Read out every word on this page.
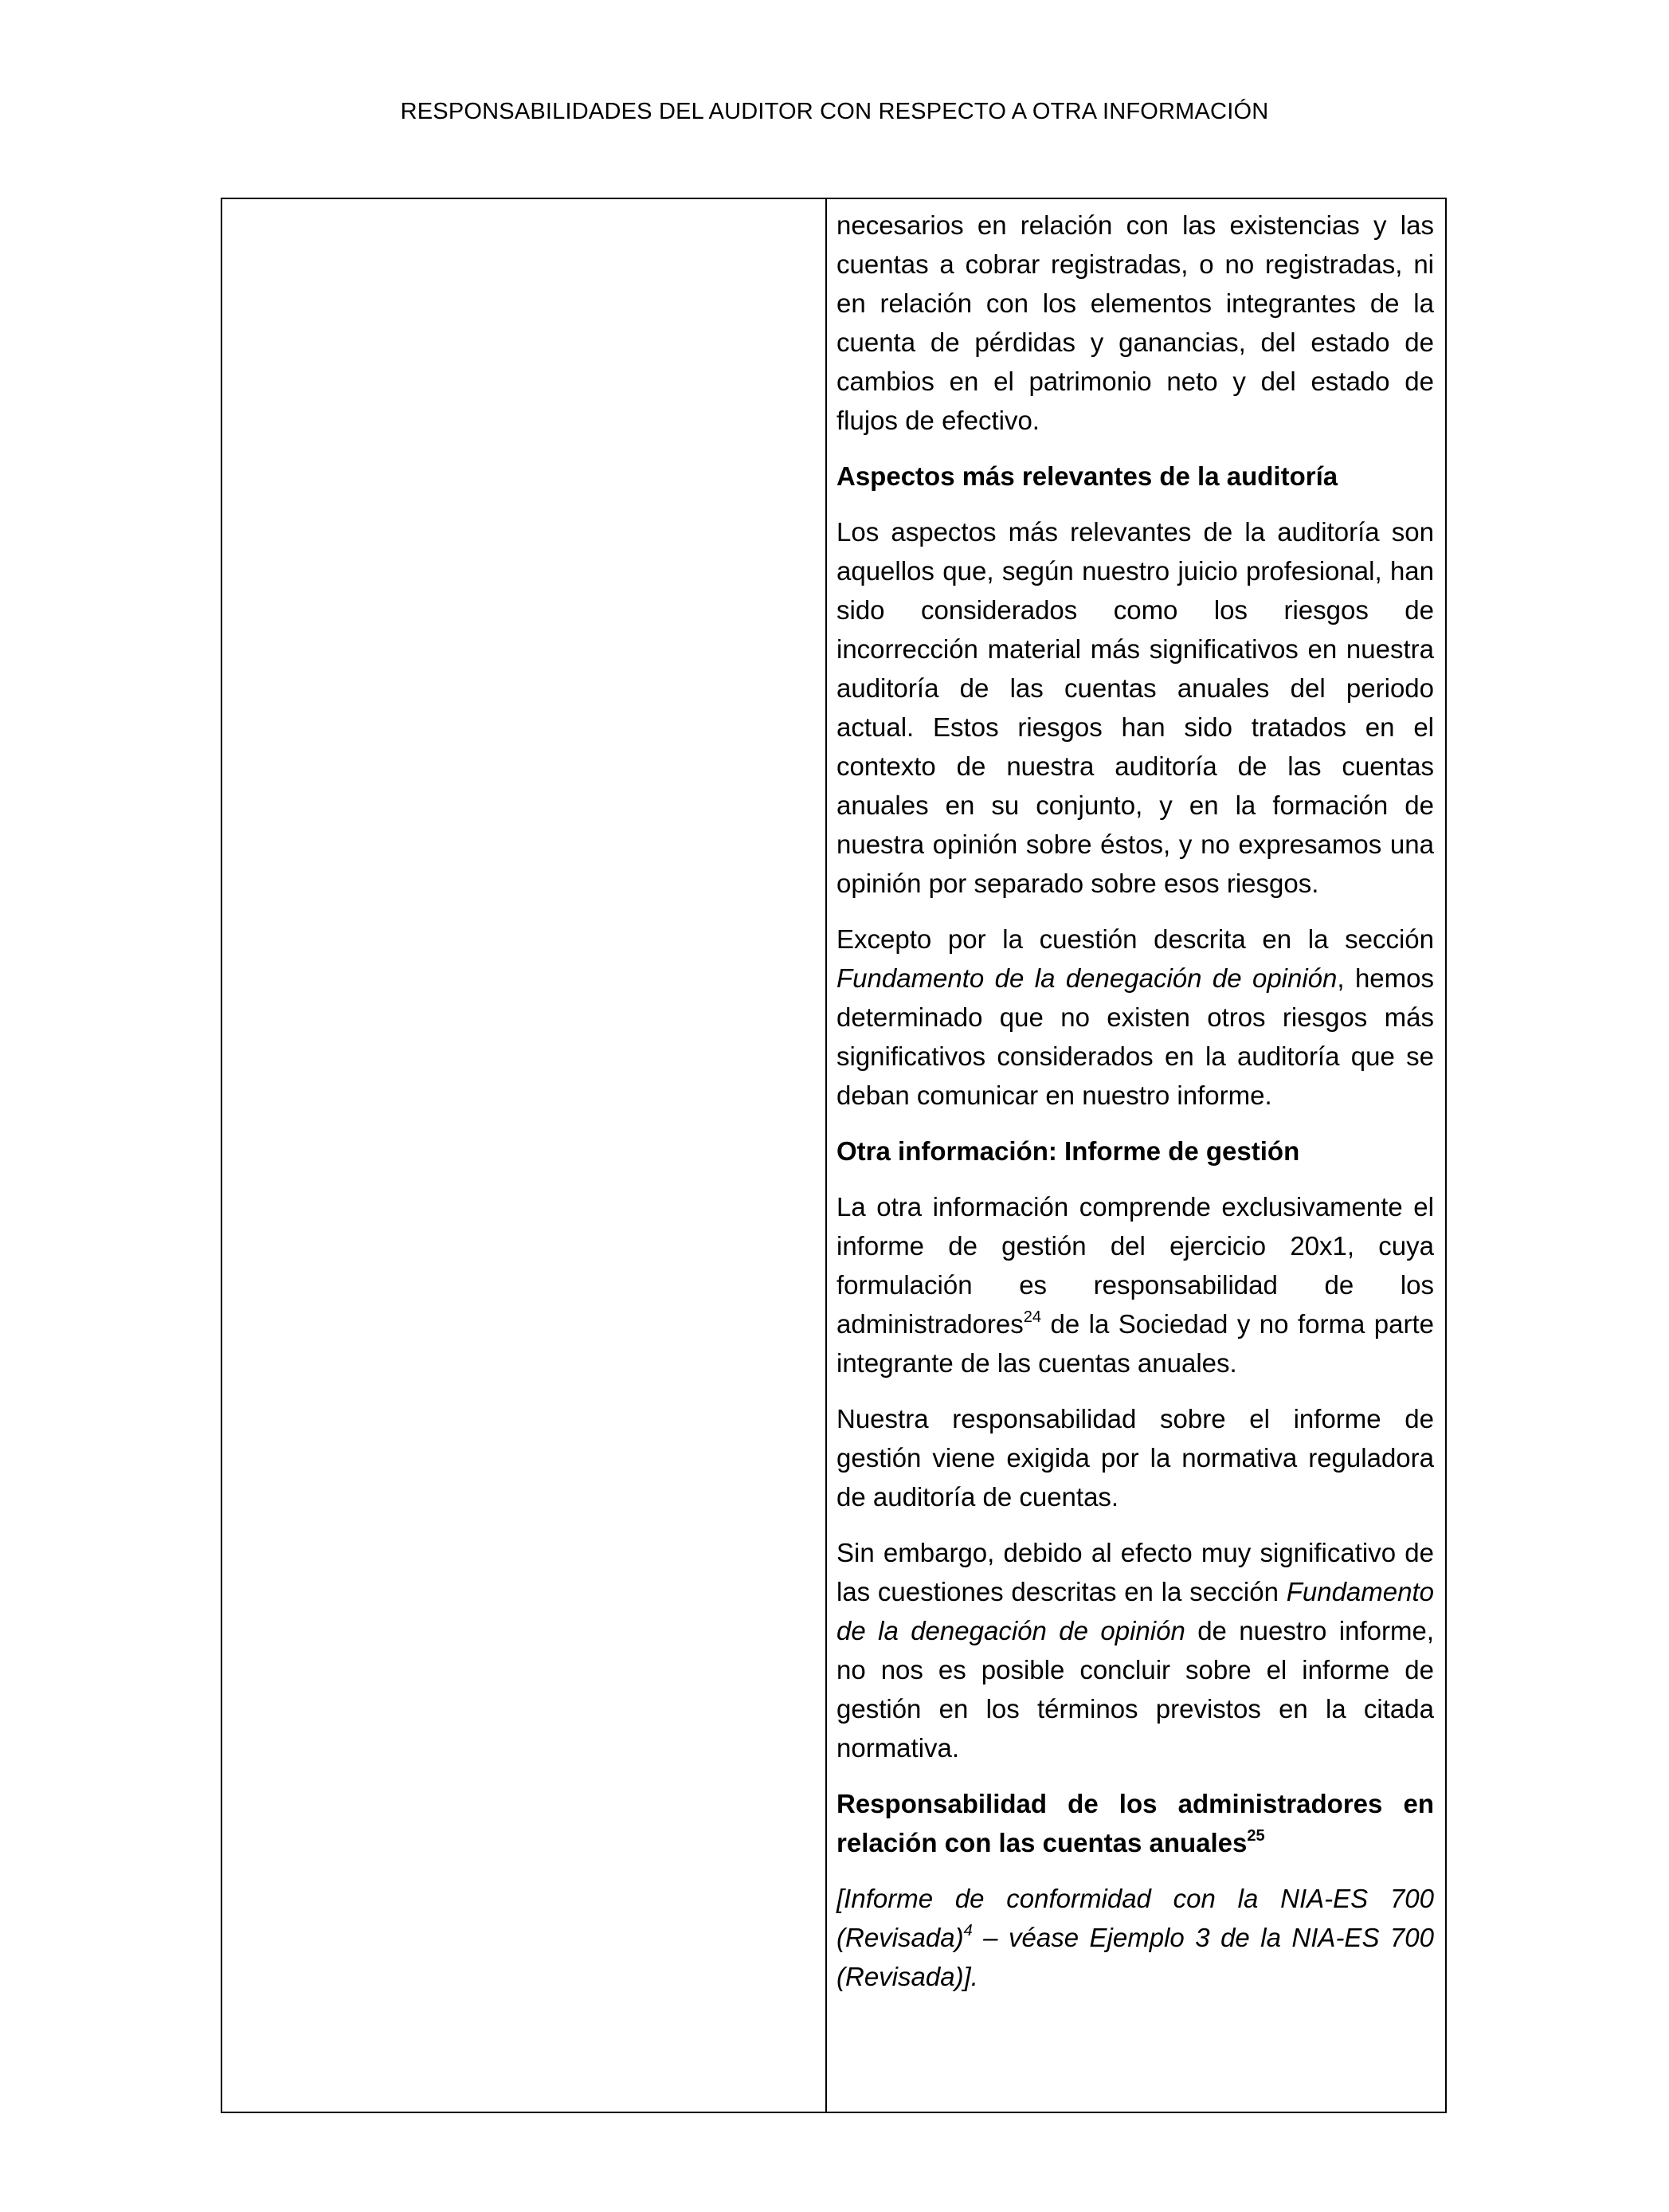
RESPONSABILIDADES DEL AUDITOR CON RESPECTO A OTRA INFORMACIÓN

necesarios en relación con las existencias y las cuentas a cobrar registradas, o no registradas, ni en relación con los elementos integrantes de la cuenta de pérdidas y ganancias, del estado de cambios en el patrimonio neto y del estado de flujos de efectivo.

Aspectos más relevantes de la auditoría

Los aspectos más relevantes de la auditoría son aquellos que, según nuestro juicio profesional, han sido considerados como los riesgos de incorrección material más significativos en nuestra auditoría de las cuentas anuales del periodo actual. Estos riesgos han sido tratados en el contexto de nuestra auditoría de las cuentas anuales en su conjunto, y en la formación de nuestra opinión sobre éstos, y no expresamos una opinión por separado sobre esos riesgos.

Excepto por la cuestión descrita en la sección Fundamento de la denegación de opinión, hemos determinado que no existen otros riesgos más significativos considerados en la auditoría que se deban comunicar en nuestro informe.

Otra información: Informe de gestión

La otra información comprende exclusivamente el informe de gestión del ejercicio 20x1, cuya formulación es responsabilidad de los administradores$^{24}$ de la Sociedad y no forma parte integrante de las cuentas anuales.

Nuestra responsabilidad sobre el informe de gestión viene exigida por la normativa reguladora de auditoría de cuentas.

Sin embargo, debido al efecto muy significativo de las cuestiones descritas en la sección Fundamento de la denegación de opinión de nuestro informe, no nos es posible concluir sobre el informe de gestión en los términos previstos en la citada normativa.

Responsabilidad de los administradores en relación con las cuentas anuales$^{25}$

[Informe de conformidad con la NIA-ES 700 (Revisada)$^4$ – véase Ejemplo 3 de la NIA-ES 700 (Revisada)].
